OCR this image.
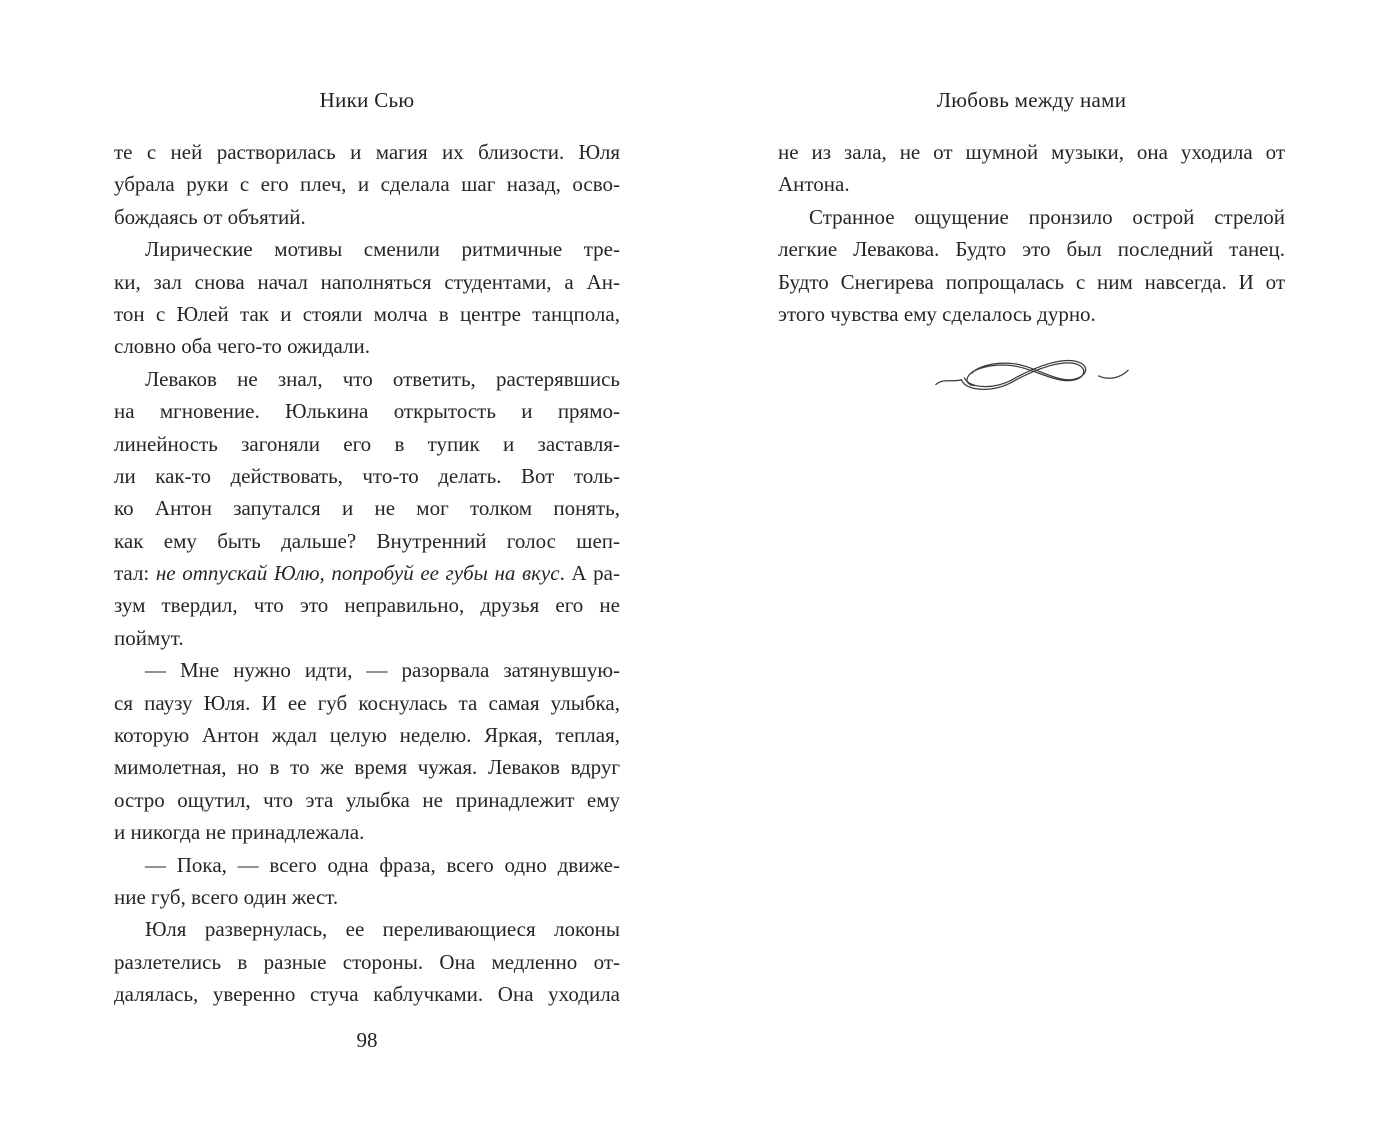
Ники Сью
те с ней растворилась и магия их близости. Юля
убрала руки с его плеч, и сделала шаг назад, осво-
бождаясь от объятий.
Лирические мотивы сменили ритмичные тре-
ки, зал снова начал наполняться студентами, а Ан-
тон с Юлей так и стояли молча в центре танцпола,
словно оба чего-то ожидали.
Леваков не знал, что ответить, растерявшись
на мгновение. Юлькина открытость и прямо-
линейность загоняли его в тупик и заставля-
ли как-то действовать, что-то делать. Вот толь-
ко Антон запутался и не мог толком понять,
как ему быть дальше? Внутренний голос шеп-
тал: не отпускай Юлю, попробуй ее губы на вкус. А ра-
зум твердил, что это неправильно, друзья его не
поймут.
— Мне нужно идти, — разорвала затянувшую-
ся паузу Юля. И ее губ коснулась та самая улыбка,
которую Антон ждал целую неделю. Яркая, теплая,
мимолетная, но в то же время чужая. Леваков вдруг
остро ощутил, что эта улыбка не принадлежит ему
и никогда не принадлежала.
— Пока, — всего одна фраза, всего одно движе-
ние губ, всего один жест.
Юля развернулась, ее переливающиеся локоны
разлетелись в разные стороны. Она медленно от-
далялась, уверенно стуча каблучками. Она уходила
98
Любовь между нами
не из зала, не от шумной музыки, она уходила от
Антона.
Странное ощущение пронзило острой стрелой
легкие Левакова. Будто это был последний танец.
Будто Снегирева попрощалась с ним навсегда. И от
этого чувства ему сделалось дурно.
